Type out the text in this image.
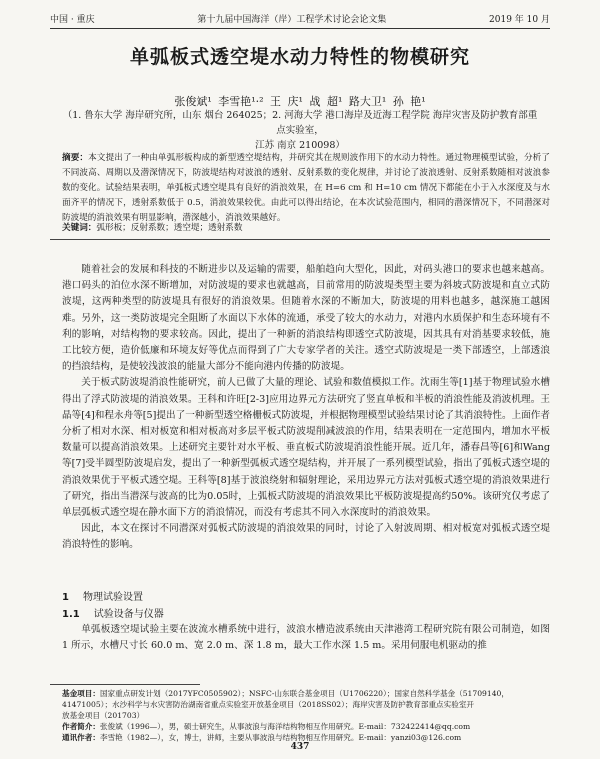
中国 · 重庆	第十九届中国海洋（岸）工程学术讨论会论文集	2019 年 10 月
单弧板式透空堤水动力特性的物模研究
张俊斌¹ 李雪艳¹·² 王 庆¹ 战 超¹ 路大卫¹ 孙 艳¹
（1. 鲁东大学 海岸研究所，山东 烟台 264025；2. 河海大学 港口海岸及近海工程学院 海岸灾害及防护教育部重点实验室，
江苏 南京 210098）
摘要：本文提出了一种由单弧形板构成的新型透空堤结构，并研究其在规则波作用下的水动力特性。通过物理模型试验，分析了不同波高、周期以及潜深情况下，防波堤结构对波浪的透射、反射系数的变化规律，并讨论了波浪透射、反射系数随相对波浪参数的变化。试验结果表明，单弧板式透空堤具有良好的消浪效果，在 H=6 cm 和 H=10 cm 情况下都能在小于入水深度及与水面齐平的情况下，透射系数低于 0.5，消浪效果较优。由此可以得出结论，在本次试验范围内，相同的潜深情况下，不同潜深对防波堤的消浪效果有明显影响，潜深越小，消浪效果越好。
关键词：弧形板；反射系数；透空堤；透射系数

随着社会的发展和科技的不断进步以及运输的需要，船舶趋向大型化，因此，对码头港口的要求也越来越高。港口码头的泊位水深不断增加，对防波堤的要求也就越高，目前常用的防波堤类型主要为斜坡式防波堤和直立式防波堤，这两种类型的防波堤具有很好的消浪效果。但随着水深的不断加大，防波堤的用料也越多，越深施工越困难。另外，这一类防波堤完全阻断了水面以下水体的流通，承受了较大的水动力，对港内水质保护和生态环境有不利的影响，对结构物的要求较高。因此，提出了一种新的消浪结构即透空式防波堤，因其具有对消基要求较低，施工比较方便，造价低廉和环境友好等优点而得到了广大专家学者的关注。透空式防波堤是一类下部透空，上部透浪的挡浪结构，是使较浅波浪的能量大部分不能向港内传播的防波堤。

关于板式防波堤消浪性能研究，前人已做了大量的理论、试验和数值模拟工作。沈雨生等[1]基于物理试验水槽得出了浮式防波堤的消浪效果。王科和许旺[2-3]应用边界元方法研究了竖直单板和半板的消浪性能及消波机理。王晶等[4]和程永舟等[5]提出了一种新型透空格栅板式防波堤，并根据物理模型试验结果讨论了其消浪特性。上面作者分析了相对水深、相对板宽和相对板高对多层平板式防波堤削减波浪的作用，结果表明在一定范围内，增加水平板数量可以提高消浪效果。上述研究主要针对水平板、垂直板式防波堤消浪性能开展。近几年，潘春昌等[6]和Wang等[7]受半圆型防波堤启发，提出了一种新型弧板式透空堤结构，并开展了一系列模型试验，指出了弧板式透空堤的消浪效果优于平板式透空堤。王科等[8]基于波浪绕射和辐射理论，采用边界元方法对弧板式透空堤的消浪效果进行了研究，指出当潜深与波高的比为0.05时，上弧板式防波堤的消浪效果比平板防波堤提高约50%。该研究仅考虑了单层弧板式透空堤在静水面下方的消浪情况，而没有考虑其不同入水深度时的消浪效果。

因此，本文在探讨不同潜深对弧板式防波堤的消浪效果的同时，讨论了入射波周期、相对板宽对弧板式透空堤消浪特性的影响。

1 物理试验设置
1.1 试验设备与仪器

单弧板透空堤试验主要在波流水槽系统中进行，波浪水槽造波系统由天津港湾工程研究院有限公司制造，如图 1 所示，水槽尺寸长 60.0 m、宽 2.0 m、深 1.8 m，最大工作水深 1.5 m。采用伺服电机驱动的推

基金项目：国家重点研发计划（2017YFC0505902）；NSFC-山东联合基金项目（U1706220）；国家自然科学基金（51709140，
41471005）；水沙科学与水灾害防治湖南省重点实验室开放基金项目（2018SS02）；海岸灾害及防护教育部重点实验室开
放基金项目（201703）
作者简介：张俊斌（1996—），男，硕士研究生，从事波浪与海洋结构物相互作用研究。E-mail：732422414@qq.com
通讯作者：李雪艳（1982—），女，博士，讲师，主要从事波浪与结构物相互作用研究。E-mail：yanzi03@126.com
437
